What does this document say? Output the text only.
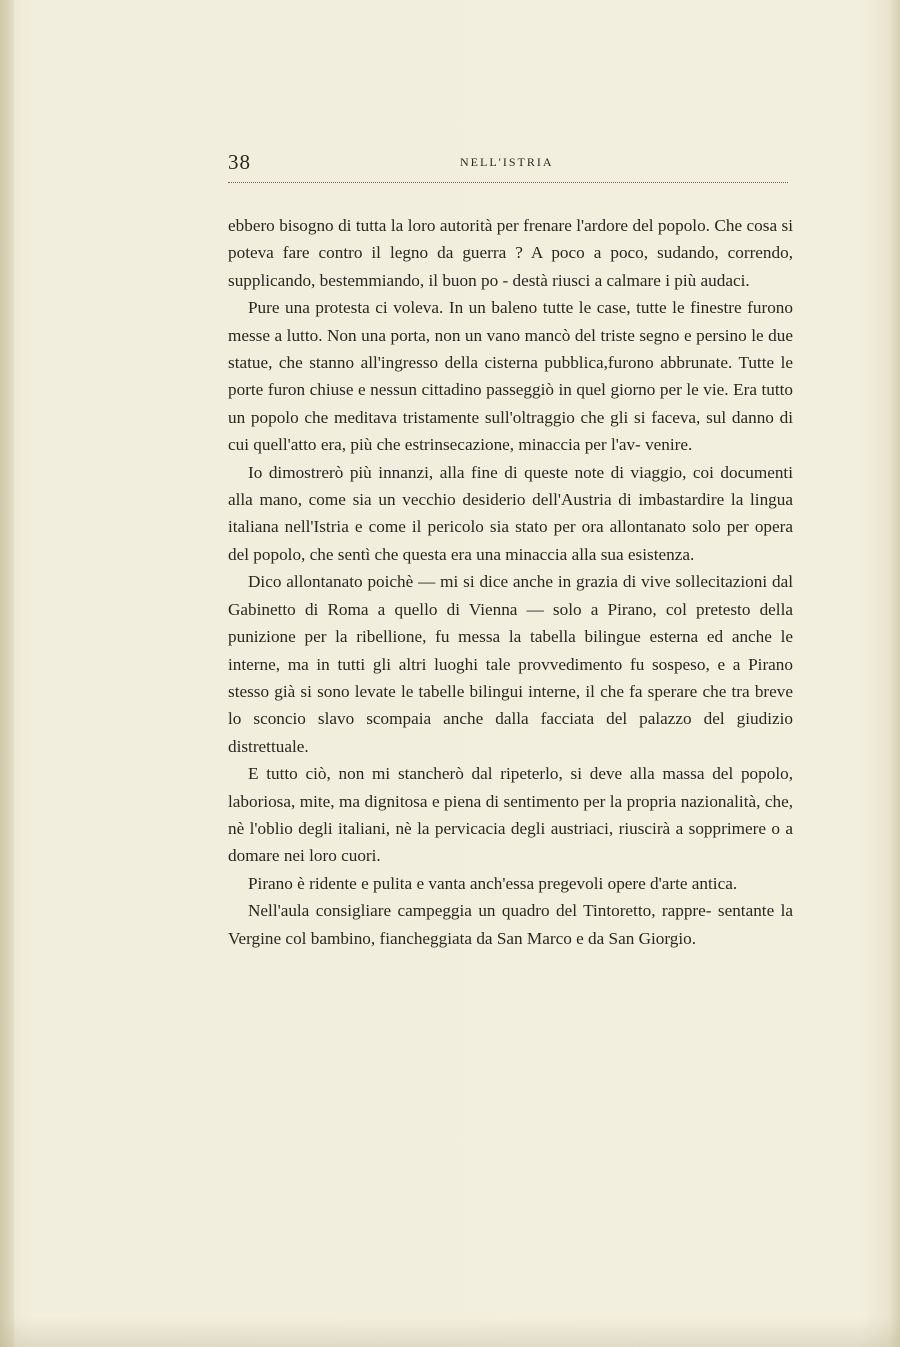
38	NELL'ISTRIA

ebbero bisogno di tutta la loro autorità per frenare l'ardore del popolo. Che cosa si poteva fare contro il legno da guerra ? A poco a poco, sudando, correndo, supplicando, bestemmiando, il buon po - destà riusci a calmare i più audaci.

Pure una protesta ci voleva. In un baleno tutte le case, tutte le finestre furono messe a lutto. Non una porta, non un vano mancò del triste segno e persino le due statue, che stanno all'ingresso della cisterna pubblica,furono abbrunate. Tutte le porte furon chiuse e nessun cittadino passeggiò in quel giorno per le vie. Era tutto un popolo che meditava tristamente sull'oltraggio che gli si faceva, sul danno di cui quell'atto era, più che estrinsecazione, minaccia per l'av- venire.

Io dimostrerò più innanzi, alla fine di queste note di viaggio, coi documenti alla mano, come sia un vecchio desiderio dell'Austria di imbastardire la lingua italiana nell'Istria e come il pericolo sia stato per ora allontanato solo per opera del popolo, che sentì che questa era una minaccia alla sua esistenza.

Dico allontanato poichè — mi si dice anche in grazia di vive sollecitazioni dal Gabinetto di Roma a quello di Vienna — solo a Pirano, col pretesto della punizione per la ribellione, fu messa la tabella bilingue esterna ed anche le interne, ma in tutti gli altri luoghi tale provvedimento fu sospeso, e a Pirano stesso già si sono levate le tabelle bilingui interne, il che fa sperare che tra breve lo sconcio slavo scompaia anche dalla facciata del palazzo del giudizio distrettuale.

E tutto ciò, non mi stancherò dal ripeterlo, si deve alla massa del popolo, laboriosa, mite, ma dignitosa e piena di sentimento per la propria nazionalità, che, nè l'oblio degli italiani, nè la pervicacia degli austriaci, riuscirà a sopprimere o a domare nei loro cuori.

Pirano è ridente e pulita e vanta anch'essa pregevoli opere d'arte antica.

Nell'aula consigliare campeggia un quadro del Tintoretto, rappre- sentante la Vergine col bambino, fiancheggiata da San Marco e da San Giorgio.
